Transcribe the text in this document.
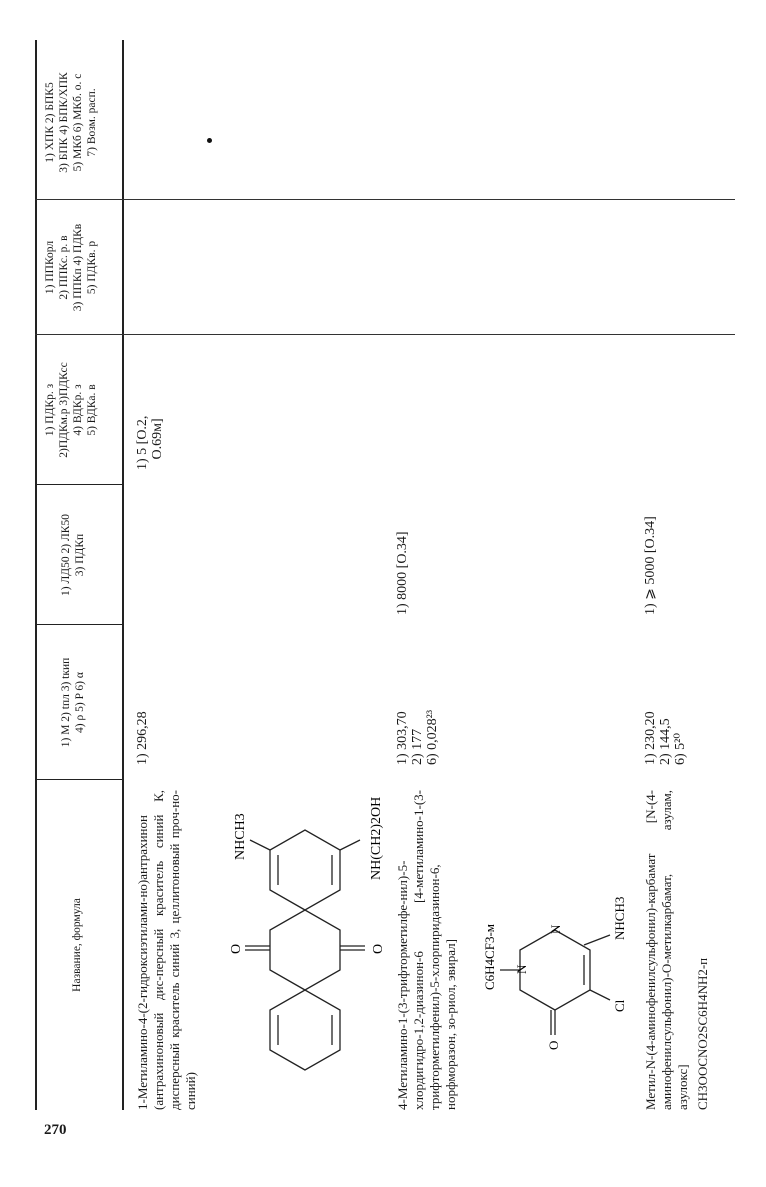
270
Название, формула
1) M 2) tпл 3) tкип 4) ρ 5) P 6) α
1) ЛД50 2) ЛК50 3) ПДКп
1) ПДКр. з 2)ПДКм.р 3)ПДКсс 4) ВДКр. з 5) ВДКа. в
1) ППКорл 2) ППКс. р. в 3) ППКп 4) ПДКв 5) ПДКв. р
1) ХПК 2) БПК5 3) БПК 4) БПК/ХПК 5) МКб 6) МКб. о. с 7) Возм. расп.
1-Метиламино-4-(2-гидроксиэтилами-но)антрахинон (антрахиноновый дис-персный краситель синий К, дисперсный краситель синий 3, целлитоновый проч-но-синий)
O	O
NHCH3	NH(CH2)2OH
1) 296,28
1) 5 [О.2,
О.69м]
4-Метиламино-1-(3-трифторметилфе-нил)-5-хлордигидро-1,2-диазинон-6 [4-метиламино-1-(3-трифторметилфенил)-5-хлорпиридазинон-6, норфмоpазон, зо-риол, эвирал] C6H4CF3-м N
N
O
Cl
NHCH3
1) 303,70
2) 177
6) 0,028²³
1) 8000 [О.34]
Метил-N-(4-аминофенилсульфонил)-карбамат [N-(4-аминофенилсульфонил)-О-метилкарбамат, азулам, азулокс] CH3OOCNO2SC6H4NH2-п
1) 230,20
2) 144,5
6) 5²⁰
1) ⩾ 5000 [О.34]
